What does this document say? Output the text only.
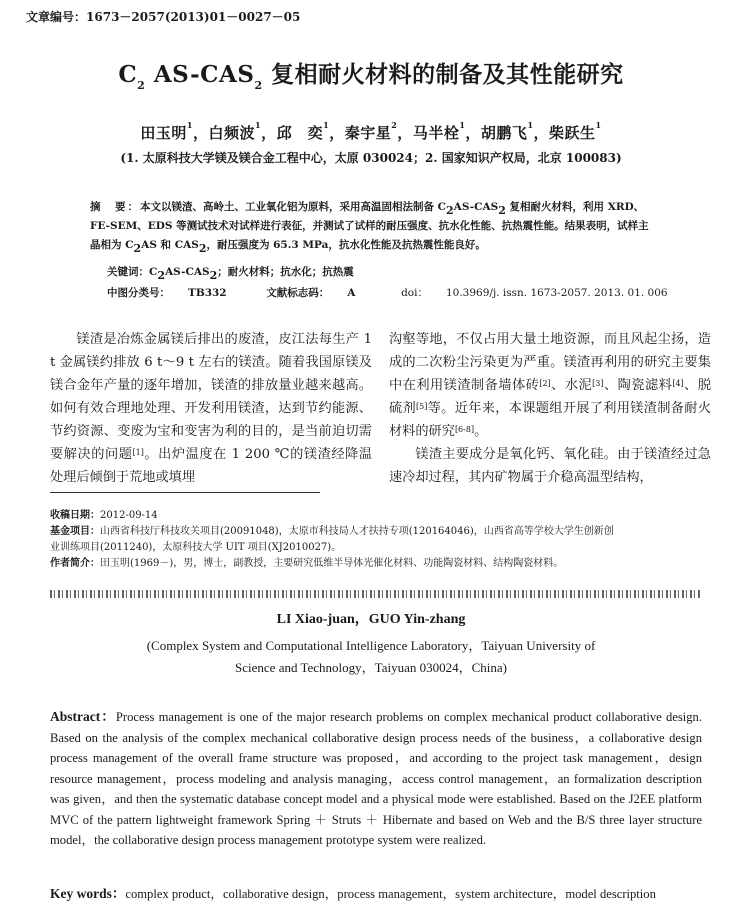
文章编号：1673－2057(2013)01－0027－05
C2 AS-CAS2 复相耐火材料的制备及其性能研究
田玉明$^1$，白频波$^1$，邱　奕$^1$，秦宇星$^2$，马半栓$^1$，胡鹏飞$^1$，柴跃生$^1$
(1. 太原科技大学镁及镁合金工程中心，太原 030024；2. 国家知识产权局，北京 100083)
摘　要：本文以镁渣、高岭土、工业氧化铝为原料，采用高温固相法制备 C2AS-CAS2 复相耐火材料，利用 XRD、FE-SEM、EDS 等测试技术对试样进行表征，并测试了试样的耐压强度、抗水化性能、抗热震性能。结果表明，试样主晶相为 C2AS 和 CAS2，耐压强度为 65.3 MPa，抗水化性能及抗热震性能良好。
关键词：C2AS-CAS2；耐火材料；抗水化；抗热震
中图分类号： TB332	文献标志码： A	doi： 10.3969/j. issn. 1673-2057. 2013. 01. 006

镁渣是冶炼金属镁后排出的废渣，皮江法每生产 1 t 金属镁约排放 6 t～9 t 左右的镁渣。随着我国原镁及镁合金年产量的逐年增加，镁渣的排放量业越来越高。如何有效合理地处理、开发利用镁渣，达到节约能源、节约资源、变废为宝和变害为利的目的，是当前迫切需要解决的问题[1]。出炉温度在 1 200 ℃的镁渣经降温处理后倾倒于荒地或填埋

沟壑等地，不仅占用大量土地资源，而且风起尘扬，造成的二次粉尘污染更为严重。镁渣再利用的研究主要集中在利用镁渣制备墙体砖[2]、水泥[3]、陶瓷滤料[4]、脱硫剂[5]等。近年来，本课题组开展了利用镁渣制备耐火材料的研究[6-8]。

镁渣主要成分是氧化钙、氧化硅。由于镁渣经过急速冷却过程，其内矿物属于介稳高温型结构，

收稿日期：2012-09-14
基金项目：山西省科技厅科技攻关项目(20091048)，太原市科技局人才扶持专项(120164046)，山西省高等学校大学生创新创
业训练项目(2011240)，太原科技大学 UIT 项目(XJ2010027)。
作者简介：田玉明(1969－)，男，博士，副教授，主要研究低维半导体光催化材料、功能陶瓷材料、结构陶瓷材料。
LI Xiao-juan，GUO Yin-zhang
(Complex System and Computational Intelligence Laboratory，Taiyuan University of
Science and Technology，Taiyuan 030024，China)
Abstract：Process management is one of the major research problems on complex mechanical product collaborative design. Based on the analysis of the complex mechanical collaborative design process needs of the business，a collaborative design process management of the overall frame structure was proposed，and according to the project task management，design resource management，process modeling and analysis managing，access control management，an formalization description was given，and then the systematic database concept model and a physical mode were established. Based on the J2EE platform MVC of the pattern lightweight framework Spring ＋ Struts ＋ Hibernate and based on Web and the B/S three layer structure model，the collaborative design process management prototype system were realized.
Key words：complex product，collaborative design，process management，system architecture，model description
